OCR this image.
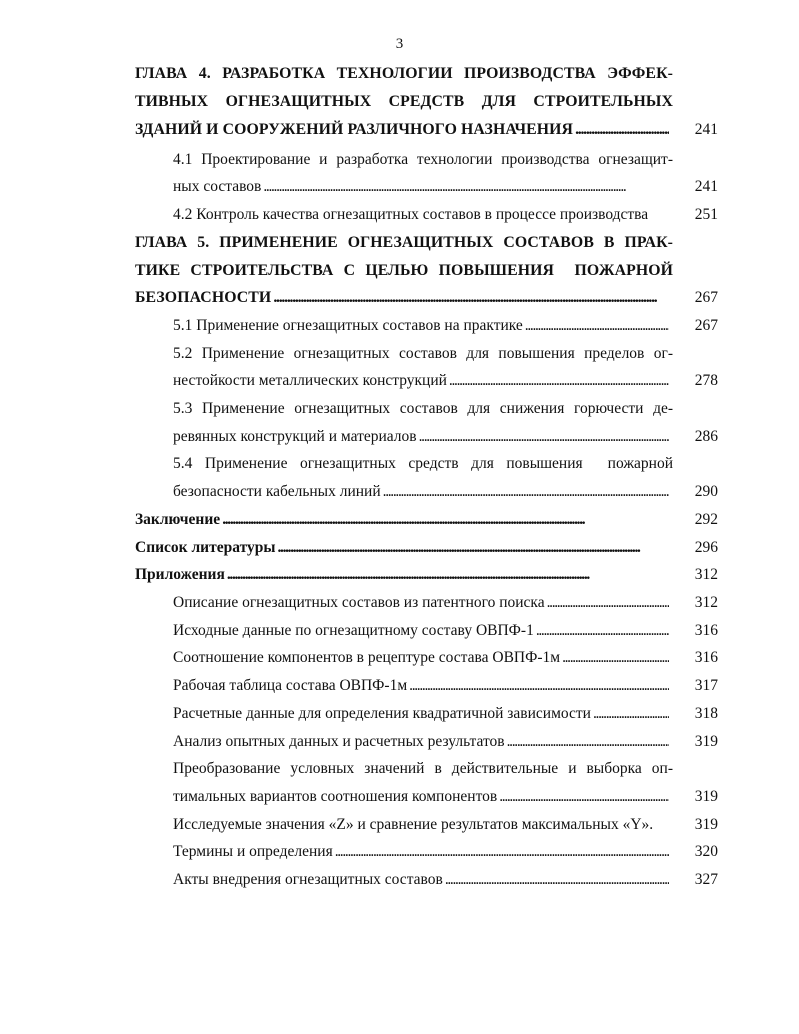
3
ГЛАВА 4. РАЗРАБОТКА ТЕХНОЛОГИИ ПРОИЗВОДСТВА ЭФФЕК-
ТИВНЫХ ОГНЕЗАЩИТНЫХ СРЕДСТВ ДЛЯ СТРОИТЕЛЬНЫХ
ЗДАНИЙ И СООРУЖЕНИЙ РАЗЛИЧНОГО НАЗНАЧЕНИЯ . . .	241
4.1 Проектирование и разработка технологии производства огнезащит-
ных составов . . .	241
4.2 Контроль качества огнезащитных составов в процессе производства	251
ГЛАВА 5. ПРИМЕНЕНИЕ ОГНЕЗАЩИТНЫХ СОСТАВОВ В ПРАК-
ТИКЕ СТРОИТЕЛЬСТВА С ЦЕЛЬЮ ПОВЫШЕНИЯ  ПОЖАРНОЙ
БЕЗОПАСНОСТИ . . .	267
5.1 Применение огнезащитных составов на практике . . .	267
5.2 Применение огнезащитных составов для повышения пределов ог-
нестойкости металлических конструкций . . .	278
5.3 Применение огнезащитных составов для снижения горючести де-
ревянных конструкций и материалов . . .	286
5.4 Применение огнезащитных средств для повышения  пожарной
безопасности кабельных линий . . .	290
Заключение . . .	292
Список литературы . . .	296
Приложения . . .	312
Описание огнезащитных составов из патентного поиска . . .	312
Исходные данные по огнезащитному составу ОВПФ-1 . . .	316
Соотношение компонентов в рецептуре состава ОВПФ-1м . . .	316
Рабочая таблица состава ОВПФ-1м . . .	317
Расчетные данные для определения квадратичной зависимости . . .	318
Анализ опытных данных и расчетных результатов . . .	319
Преобразование условных значений в действительные и выборка оп-
тимальных вариантов соотношения компонентов . . .	319
Исследуемые значения «Z» и сравнение результатов максимальных «Y».	319
Термины и определения . . .	320
Акты внедрения огнезащитных составов . . .	327
